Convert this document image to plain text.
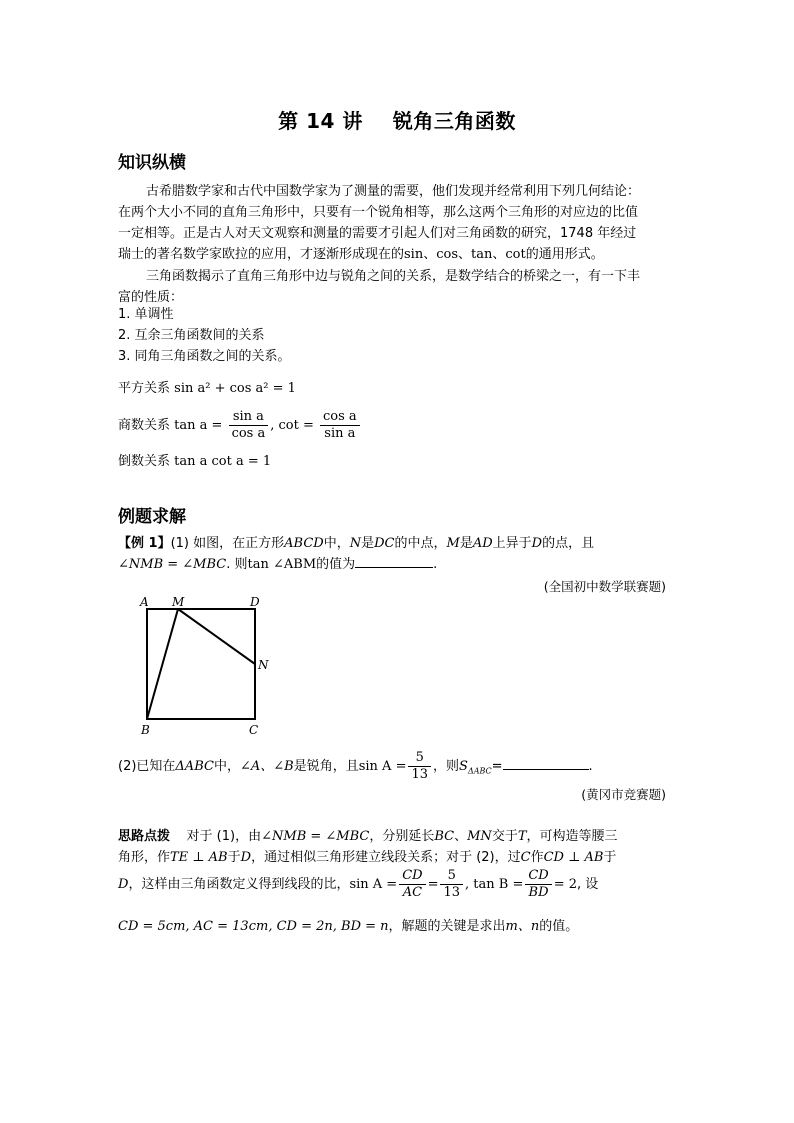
第 14 讲 锐角三角函数
知识纵横
古希腊数学家和古代中国数学家为了测量的需要，他们发现并经常利用下列几何结论：
在两个大小不同的直角三角形中，只要有一个锐角相等，那么这两个三角形的对应边的比值
一定相等。正是古人对天文观察和测量的需要才引起人们对三角函数的研究，1748 年经过
瑞士的著名数学家欧拉的应用，才逐渐形成现在的sin、cos、tan、cot的通用形式。
三角函数揭示了直角三角形中边与锐角之间的关系，是数学结合的桥梁之一，有一下丰
富的性质：
1. 单调性
2. 互余三角函数间的关系
3. 同角三角函数之间的关系。
平方关系 sin a² + cos a² = 1
商数关系 $\tan a = \frac{\text{sin a}}{\text{cos a}}$ , $\cot = \frac{\text{cos a}}{\text{sin a}}$
倒数关系 tan a cot a = 1
例题求解
【例 1】(1) 如图，在正方形ABCD中，N是DC的中点，M是AD上异于D的点，且
∠NMB = ∠MBC. 则tan ∠ABM的值为	.
(全国初中数学联赛题)
A M	D
N
B	C
(2)已知在ΔABC中，∠A、∠B是锐角，且$\sin A = \frac{5}{13}$ ，则$S_{\Delta ABC}=$	.
(黄冈市竞赛题)
思路点拨 对于 (1)，由∠NMB = ∠MBC，分别延长BC、MN交于T，可构造等腰三
角形，作TE ⊥ AB于D，通过相似三角形建立线段关系；对于 (2)，过C作CD ⊥ AB于
D，这样由三角函数定义得到线段的比，$\sin A = \frac{CD}{AC} = \frac{5}{13}$ , $\tan B = \frac{CD}{BD} = 2$, 设
CD = 5cm, AC = 13cm, CD = 2n, BD = n，解题的关键是求出m、n的值。
